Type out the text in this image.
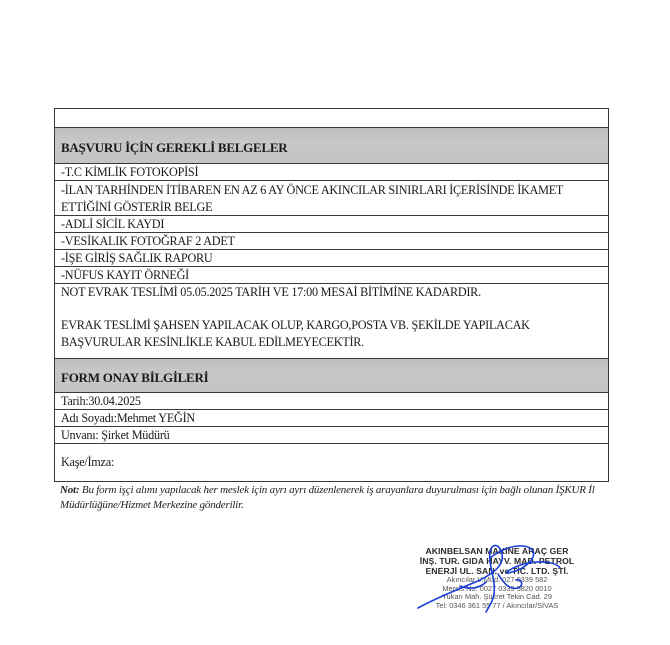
BAŞVURU İÇİN GEREKLİ BELGELER
-T.C KİMLİK FOTOKOPİSİ
-İLAN TARHİNDEN İTİBAREN EN AZ 6 AY ÖNCE AKINCILAR SINIRLARI İÇERİSİNDE İKAMET ETTİĞİNİ GÖSTERİR BELGE
-ADLİ SİCİL KAYDI
-VESİKALIK FOTOĞRAF 2 ADET
-İŞE GİRİŞ SAĞLIK RAPORU
-NÜFUS KAYIT ÖRNEĞİ

NOT EVRAK TESLİMİ 05.05.2025 TARİH VE 17:00 MESAİ BİTİMİNE KADARDIR.

EVRAK TESLİMİ ŞAHSEN YAPILACAK OLUP, KARGO,POSTA VB. ŞEKİLDE YAPILACAK BAŞVURULAR KESİNLİKLE KABUL EDİLMEYECEKTİR.

FORM ONAY BİLGİLERİ
Tarih:30.04.2025
Adı Soyadı:Mehmet YEĞİN
Unvanı: Şirket Müdürü
Kaşe/İmza:
Not: Bu form işçi alımı yapılacak her meslek için ayrı ayrı düzenlenerek iş arayanlara duyurulması için bağlı olunan İŞKUR İl Müdürlüğüne/Hizmet Merkezine gönderilir.
AKINBELSAN MAKİNE ARAÇ GER
İNŞ. TUR. GIDA HAYV. MAD. PETROL
ENERJİ UL. SAN. ve TİC. LTD. ŞTİ.
Akıncılar V.Müd. 027 0339 582
Mersis No: 0027 0339 5820 0010
Yukarı Mah. Şükret Tekin Cad. 29
Tel: 0346 361 55 77 / Akıncılar/SİVAS
